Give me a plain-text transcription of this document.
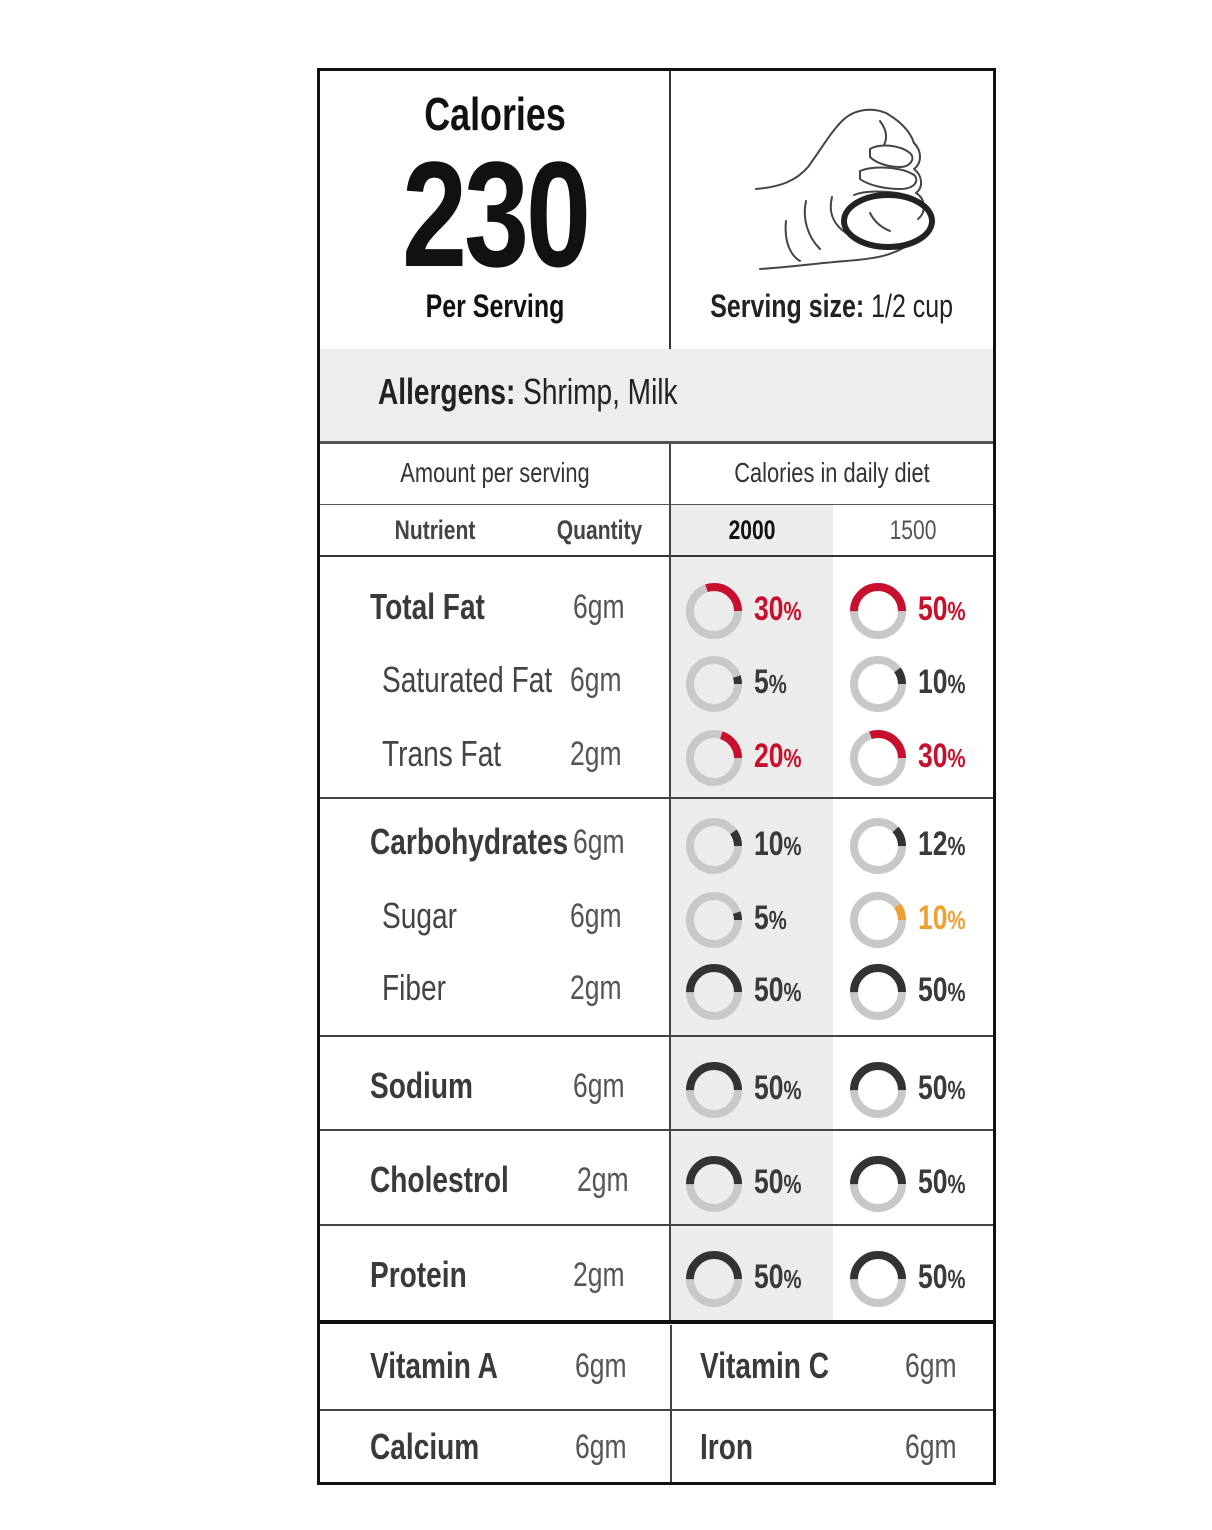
Calories
230
Per Serving	Serving size: 1/2 cup
Allergens: Shrimp, Milk
Amount per serving	Calories in daily diet
Nutrient	Quantity	2000	1500
Total Fat	6gm	30%	50%
Saturated Fat 6gm	5%	10%
Trans Fat 2gm	20%	30%
Carbohydrates 6gm	10%	12%
Sugar	6gm	5%	10%
Fiber	2gm	50%	50%
Sodium	6gm	50%	50%
Cholestrol 2gm	50%	50%
Protein	2gm	50%	50%
Vitamin A 6gm Vitamin C 6gm
Calcium	6gm Iron	6gm
